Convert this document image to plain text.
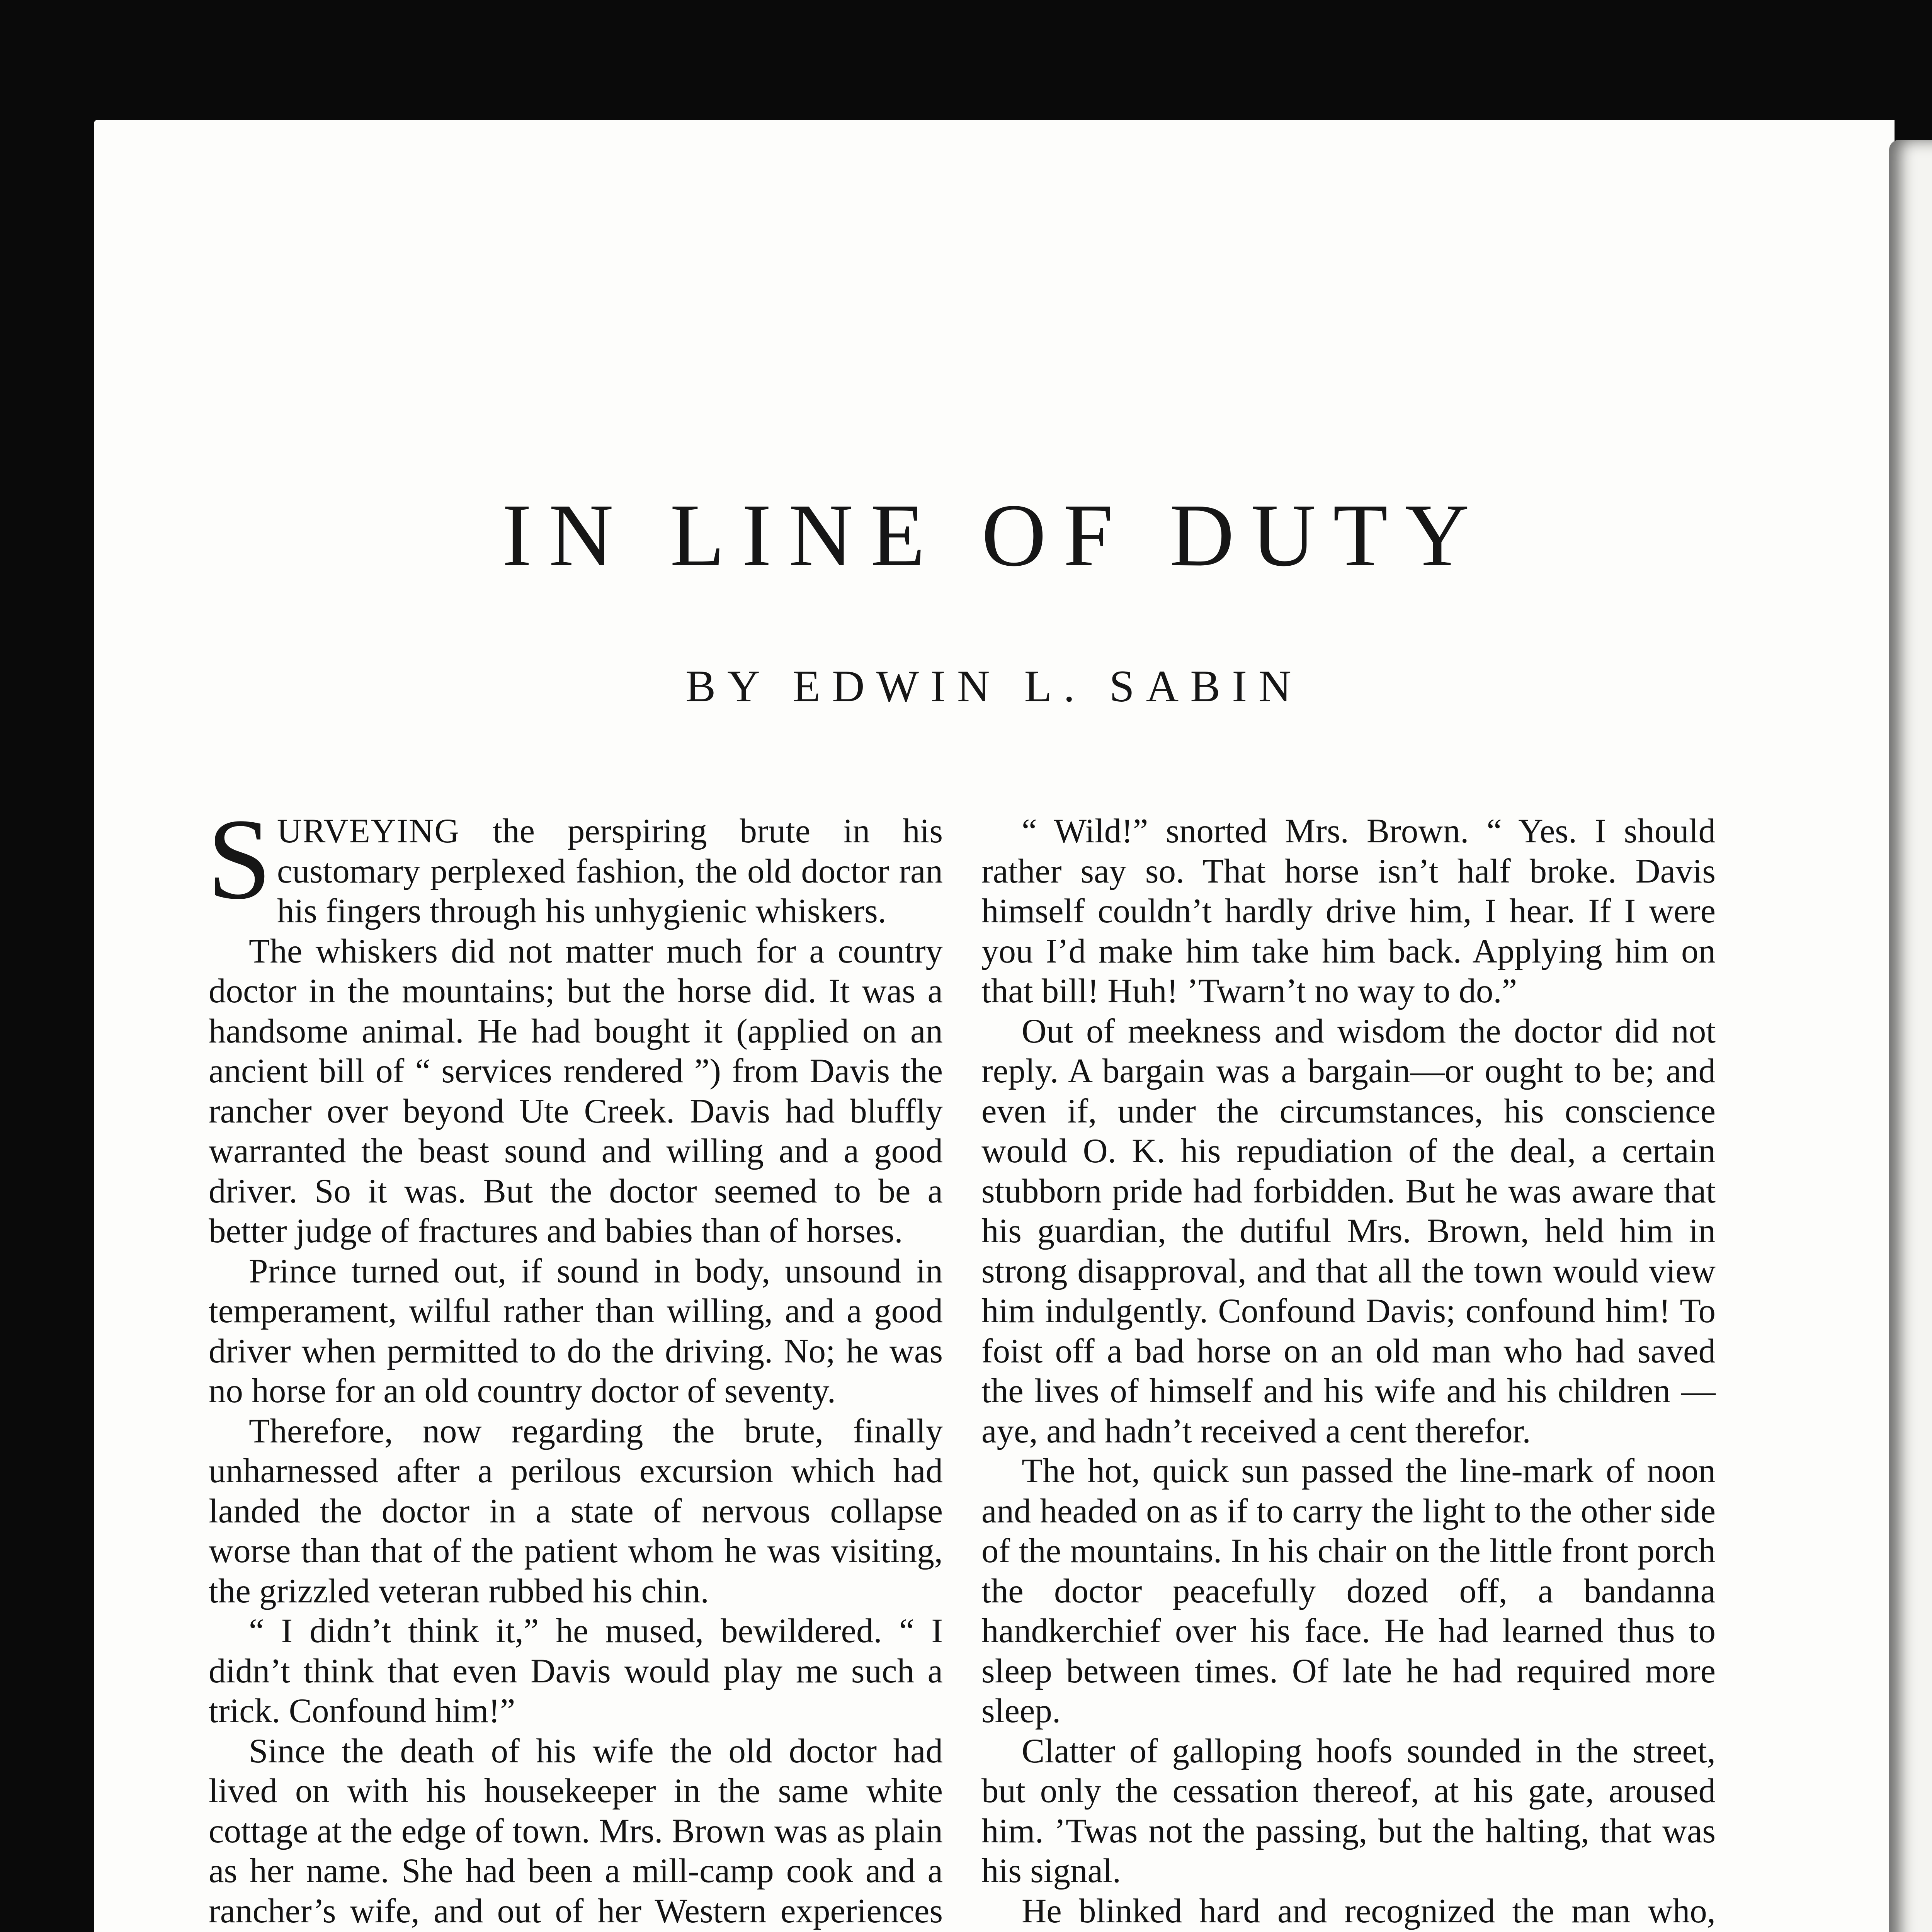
IN LINE OF DUTY
BY EDWIN L. SABIN

SURVEYING the perspiring brute in his customary perplexed fashion, the old doctor ran his fingers through his unhygienic whiskers.

The whiskers did not matter much for a country doctor in the mountains; but the horse did. It was a handsome animal. He had bought it (applied on an ancient bill of “ services rendered ”) from Davis the rancher over beyond Ute Creek. Davis had bluffly warranted the beast sound and willing and a good driver. So it was. But the doctor seemed to be a better judge of fractures and babies than of horses.

Prince turned out, if sound in body, unsound in temperament, wilful rather than willing, and a good driver when permitted to do the driving. No; he was no horse for an old country doctor of seventy.

Therefore, now regarding the brute, finally unharnessed after a perilous excursion which had landed the doctor in a state of nervous collapse worse than that of the patient whom he was visiting, the grizzled veteran rubbed his chin.

“ I didn’t think it,” he mused, bewildered. “ I didn’t think that even Davis would play me such a trick. Confound him!”

Since the death of his wife the old doctor had lived on with his housekeeper in the same white cottage at the edge of town. Mrs. Brown was as plain as her name. She had been a mill-camp cook and a rancher’s wife, and out of her Western experiences

“ Wild!” snorted Mrs. Brown. “ Yes. I should rather say so. That horse isn’t half broke. Davis himself couldn’t hardly drive him, I hear. If I were you I’d make him take him back. Applying him on that bill! Huh! ’Twarn’t no way to do.”

Out of meekness and wisdom the doctor did not reply. A bargain was a bargain—or ought to be; and even if, under the circumstances, his conscience would O. K. his repudiation of the deal, a certain stubborn pride had forbidden. But he was aware that his guardian, the dutiful Mrs. Brown, held him in strong disapproval, and that all the town would view him indulgently. Confound Davis; confound him! To foist off a bad horse on an old man who had saved the lives of himself and his wife and his children — aye, and hadn’t received a cent therefor.

The hot, quick sun passed the line-mark of noon and headed on as if to carry the light to the other side of the mountains. In his chair on the little front porch the doctor peacefully dozed off, a bandanna handkerchief over his face. He had learned thus to sleep between times. Of late he had required more sleep.

Clatter of galloping hoofs sounded in the street, but only the cessation thereof, at his gate, aroused him. ’Twas not the passing, but the halting, that was his signal.

He blinked hard and recognized the man who,
